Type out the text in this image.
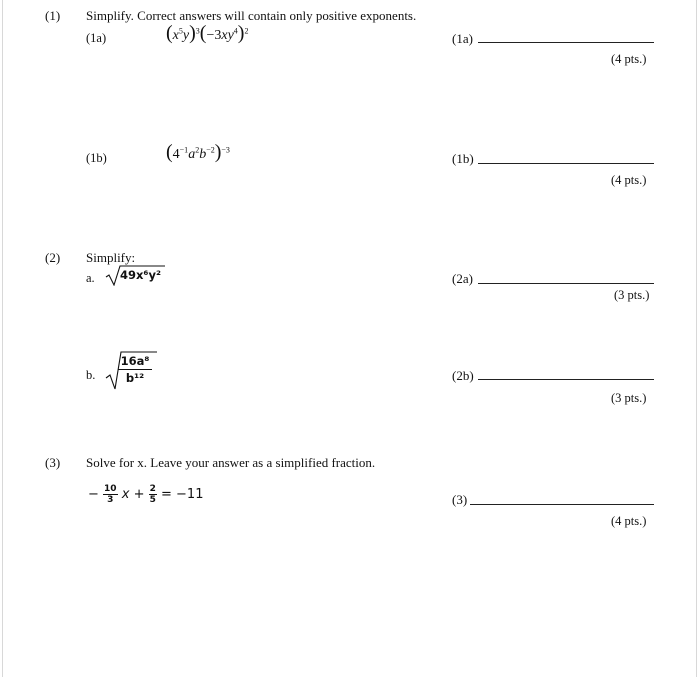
(1) Simplify. Correct answers will contain only positive exponents.
(1a)	$(x^5y)^3(-3xy^4)^2$
(1a)
(4 pts.)
(1b)	$(4^{-1}a^2b^{-2})^{-3}$
(1b)
(4 pts.)
(2) Simplify:
a. 49x⁶y²	(2a)
(3 pts.)
b. $\frac{\text{16a⁸}}{\text{b¹²}}$	(2b)
(3 pts.)
(3) Solve for x. Leave your answer as a simplified fraction.
− $\frac{10}{3}$ $x + \frac{2}{5} = -11$	(3)
(4 pts.)
